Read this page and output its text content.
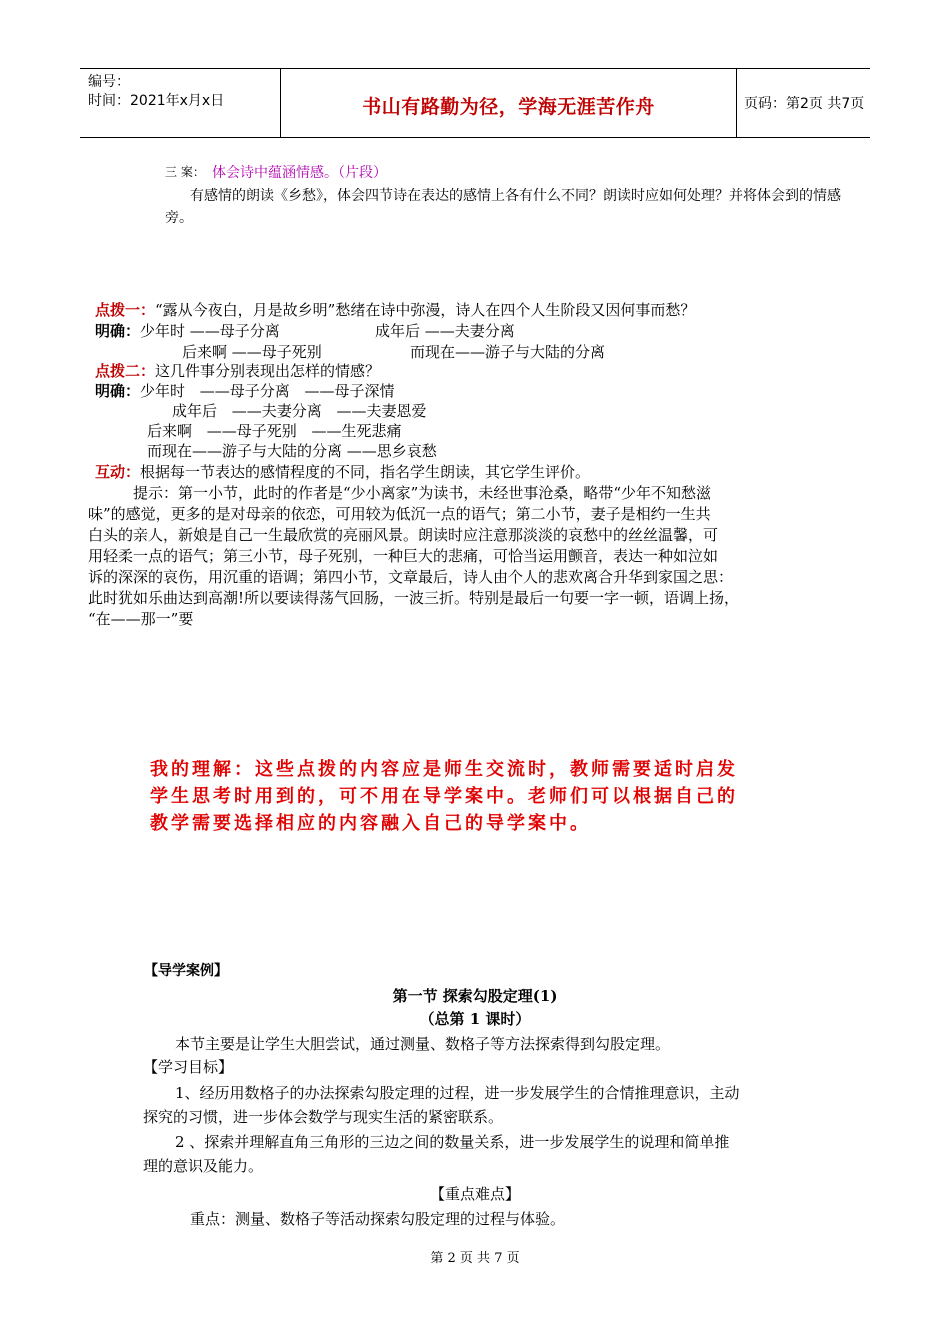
编号：
时间：2021年x月x日	书山有路勤为径，学海无涯苦作舟	页码：第2页 共7页
三 案： 体会诗中蕴涵情感。（片段）
有感情的朗读《乡愁》，体会四节诗在表达的感情上各有什么不同？朗读时应如何处理？并将体会到的情感
旁。
点拨一：“露从今夜白，月是故乡明”愁绪在诗中弥漫，诗人在四个人生阶段又因何事而愁？
明确：少年时 ——母子分离	成年后 ——夫妻分离
后来啊 ——母子死别	而现在——游子与大陆的分离
点拨二：这几件事分别表现出怎样的情感？
明确：少年时 ——母子分离 ——母子深情
成年后 ——夫妻分离 ——夫妻恩爱
后来啊 ——母子死别 ——生死悲痛
而现在——游子与大陆的分离 ——思乡哀愁
互动：根据每一节表达的感情程度的不同，指名学生朗读，其它学生评价。
提示：第一小节，此时的作者是“少小离家”为读书，未经世事沧桑，略带“少年不知愁滋
味”的感觉，更多的是对母亲的依恋，可用较为低沉一点的语气；第二小节，妻子是相约一生共
白头的亲人，新娘是自己一生最欣赏的亮丽风景。朗读时应注意那淡淡的哀愁中的丝丝温馨，可
用轻柔一点的语气；第三小节，母子死别，一种巨大的悲痛，可恰当运用颤音，表达一种如泣如
诉的深深的哀伤，用沉重的语调；第四小节，文章最后，诗人由个人的悲欢离合升华到家国之思：
此时犹如乐曲达到高潮!所以要读得荡气回肠，一波三折。特别是最后一句要一字一顿，语调上扬，
“在——那一”要
我的理解：这些点拨的内容应是师生交流时，教师需要适时启发
学生思考时用到的，可不用在导学案中。老师们可以根据自己的
教学需要选择相应的内容融入自己的导学案中。
【导学案例】
第一节 探索勾股定理(1)
（总第 1 课时）
本节主要是让学生大胆尝试，通过测量、数格子等方法探索得到勾股定理。
【学习目标】
1、经历用数格子的办法探索勾股定理的过程，进一步发展学生的合情推理意识，主动
探究的习惯，进一步体会数学与现实生活的紧密联系。
2 、探索并理解直角三角形的三边之间的数量关系，进一步发展学生的说理和简单推
理的意识及能力。
【重点难点】
重点：测量、数格子等活动探索勾股定理的过程与体验。
第 2 页 共 7 页
